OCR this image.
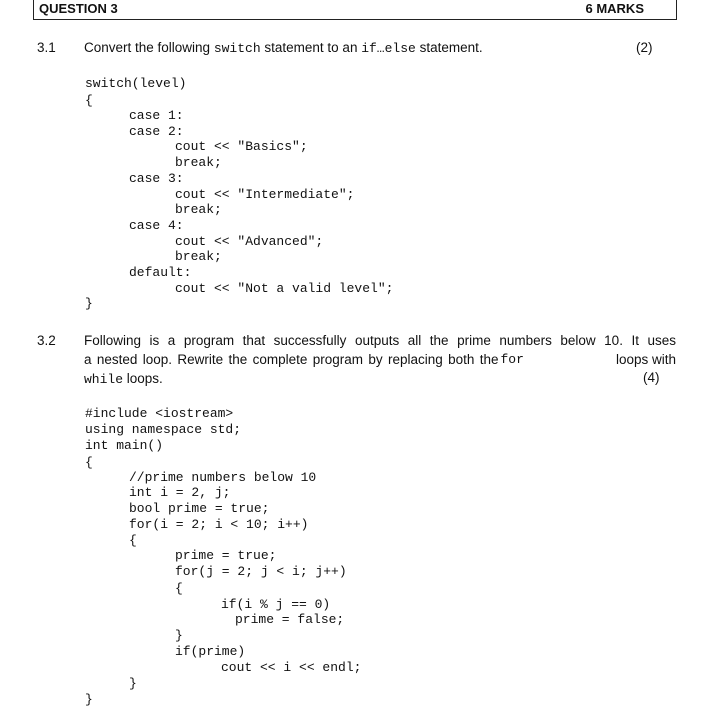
QUESTION 3	6 MARKS
3.1 Convert the following switch statement to an if…else statement.	(2)
switch(level)
{
case 1:
case 2:
cout << "Basics";
break;
case 3:
cout << "Intermediate";
break;
case 4:
cout << "Advanced";
break;
default:
cout << "Not a valid level";
}
3.2 Following is a program that successfully outputs all the prime numbers below 10. It uses
a nested loop. Rewrite the complete program by replacing both the for	loops with
while loops.	(4)
#include <iostream>
using namespace std;
int main()
{
//prime numbers below 10
int i = 2, j;
bool prime = true;
for(i = 2; i < 10; i++)
{
prime = true;
for(j = 2; j < i; j++)
{
if(i % j == 0)
prime = false;
}
if(prime)
cout << i << endl;
}
}
